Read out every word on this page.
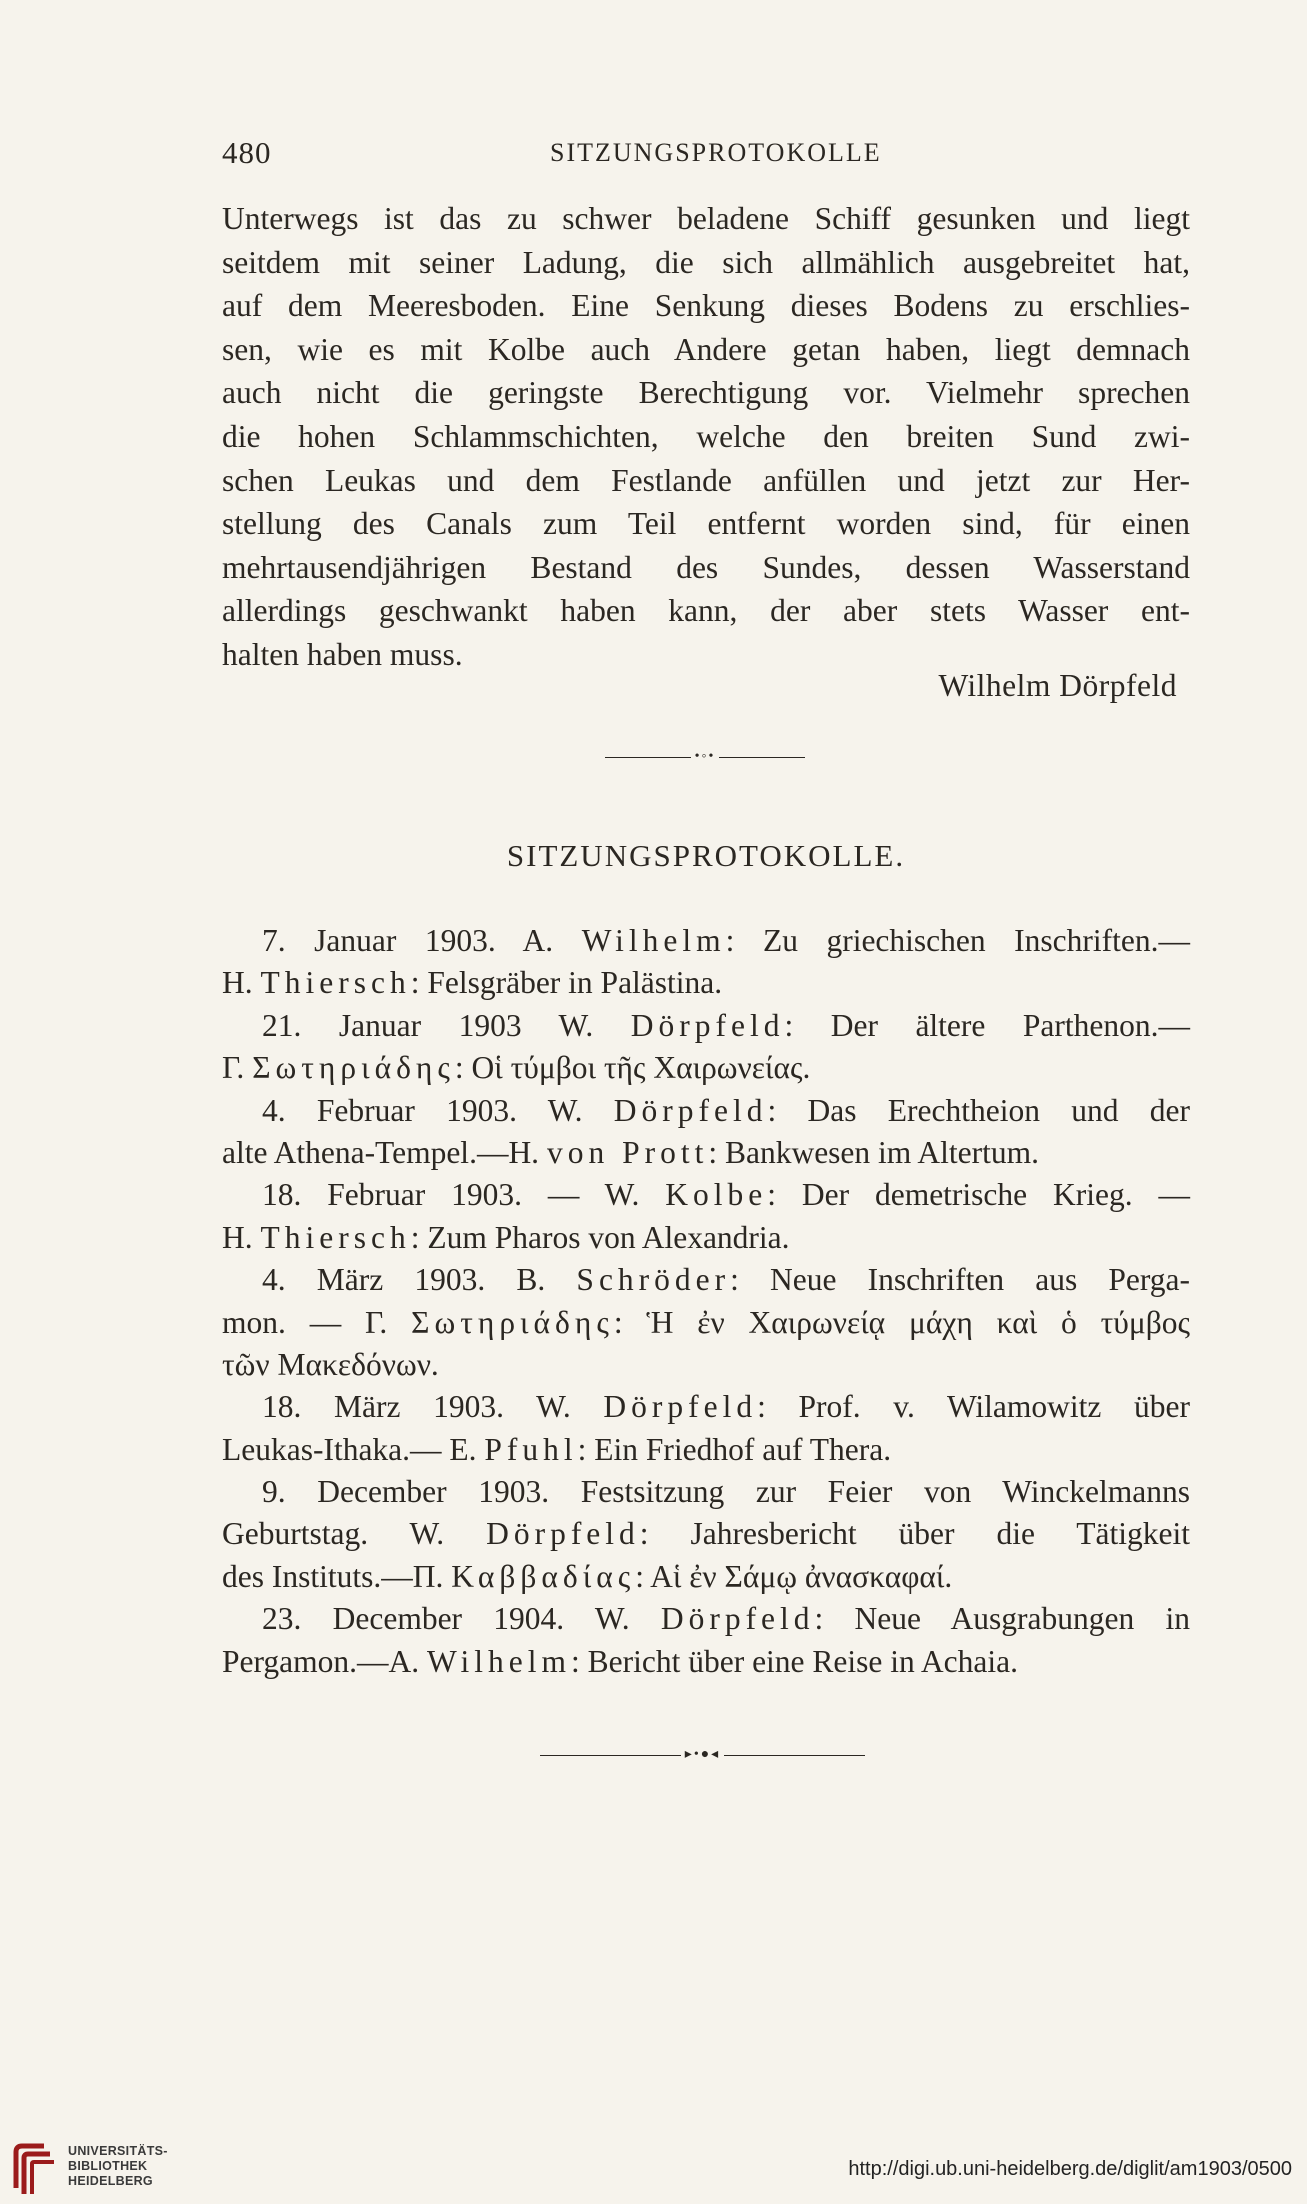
480	SITZUNGSPROTOKOLLE
Unterwegs ist das zu schwer beladene Schiff gesunken und liegt
seitdem mit seiner Ladung, die sich allmählich ausgebreitet hat,
auf dem Meeresboden. Eine Senkung dieses Bodens zu erschlies-
sen, wie es mit Kolbe auch Andere getan haben, liegt demnach
auch nicht die geringste Berechtigung vor. Vielmehr sprechen
die hohen Schlammschichten, welche den breiten Sund zwi-
schen Leukas und dem Festlande anfüllen und jetzt zur Her-
stellung des Canals zum Teil entfernt worden sind, für einen
mehrtausendjährigen Bestand des Sundes, dessen Wasserstand
allerdings geschwankt haben kann, der aber stets Wasser ent-
halten haben muss.
Wilhelm Dörpfeld
•◦•
SITZUNGSPROTOKOLLE.
7. Januar 1903. A. Wilhelm: Zu griechischen Inschriften.—
H. Thiersch: Felsgräber in Palästina.
21. Januar 1903 W. Dörpfeld: Der ältere Parthenon.—
Γ. Σωτηριάδης: Οἱ τύμβοι τῆς Χαιρωνείας.
4. Februar 1903. W. Dörpfeld: Das Erechtheion und der
alte Athena-Tempel.—H. von Prott: Bankwesen im Altertum.
18. Februar 1903. — W. Kolbe: Der demetrische Krieg. —
H. Thiersch: Zum Pharos von Alexandria.
4. März 1903. B. Schröder: Neue Inschriften aus Perga-
mon. — Γ. Σωτηριάδης: Ἡ ἐν Χαιρωνείᾳ μάχη καὶ ὁ τύμβος
τῶν Μακεδόνων.
18. März 1903. W. Dörpfeld: Prof. v. Wilamowitz über
Leukas-Ithaka.— E. Pfuhl: Ein Friedhof auf Thera.
9. December 1903. Festsitzung zur Feier von Winckelmanns
Geburtstag. W. Dörpfeld: Jahresbericht über die Tätigkeit
des Instituts.—Π. Καββαδίας: Αἱ ἐν Σάμῳ ἀνασκαφαί.
23. December 1904. W. Dörpfeld: Neue Ausgrabungen in
Pergamon.—A. Wilhelm: Bericht über eine Reise in Achaia.
▸•●◂
UNIVERSITÄTS-
BIBLIOTHEK
HEIDELBERG
http://digi.ub.uni-heidelberg.de/diglit/am1903/0500
